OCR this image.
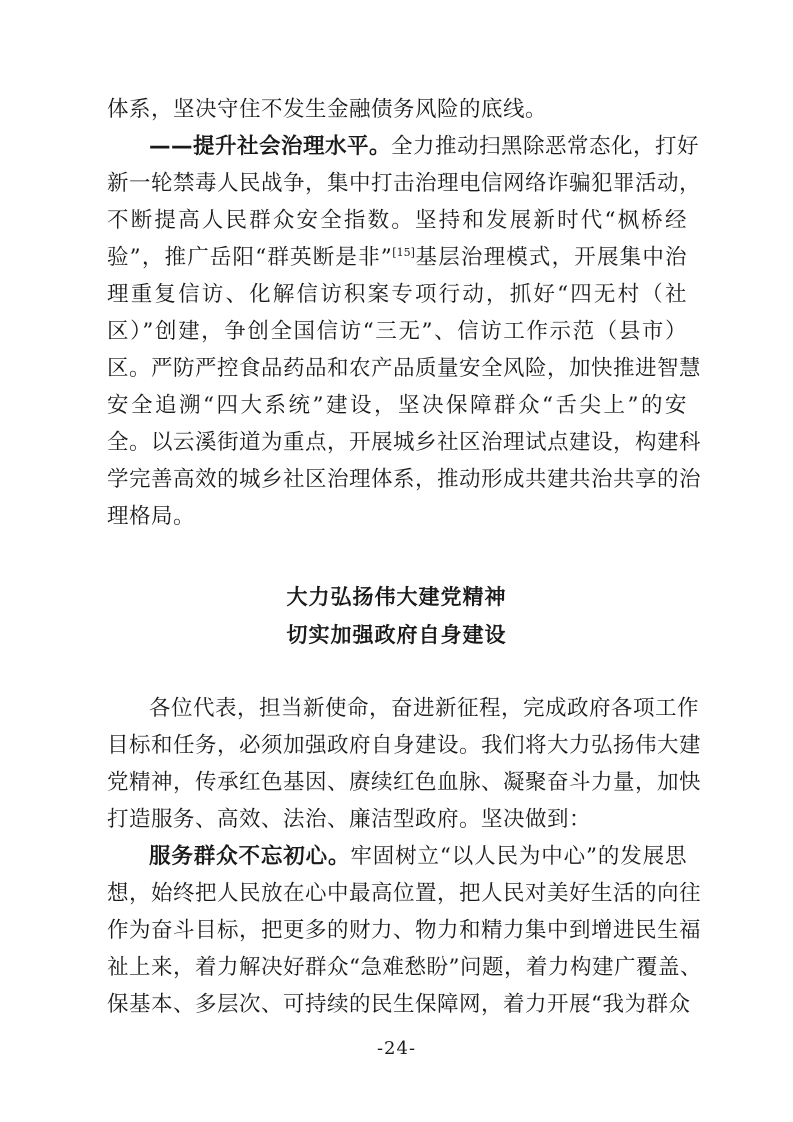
体系，坚决守住不发生金融债务风险的底线。
——提升社会治理水平。全力推动扫黑除恶常态化，打好
新一轮禁毒人民战争，集中打击治理电信网络诈骗犯罪活动，
不断提高人民群众安全指数。坚持和发展新时代“枫桥经
验”，推广岳阳“群英断是非”[15]基层治理模式，开展集中治
理重复信访、化解信访积案专项行动，抓好“四无村（社
区）”创建，争创全国信访“三无”、信访工作示范（县市）
区。严防严控食品药品和农产品质量安全风险，加快推进智慧
安全追溯“四大系统”建设，坚决保障群众“舌尖上”的安
全。以云溪街道为重点，开展城乡社区治理试点建设，构建科
学完善高效的城乡社区治理体系，推动形成共建共治共享的治
理格局。
大力弘扬伟大建党精神
切实加强政府自身建设
各位代表，担当新使命，奋进新征程，完成政府各项工作
目标和任务，必须加强政府自身建设。我们将大力弘扬伟大建
党精神，传承红色基因、赓续红色血脉、凝聚奋斗力量，加快
打造服务、高效、法治、廉洁型政府。坚决做到：
服务群众不忘初心。牢固树立“以人民为中心”的发展思
想，始终把人民放在心中最高位置，把人民对美好生活的向往
作为奋斗目标，把更多的财力、物力和精力集中到增进民生福
祉上来，着力解决好群众“急难愁盼”问题，着力构建广覆盖、
保基本、多层次、可持续的民生保障网，着力开展“我为群众
-24-
